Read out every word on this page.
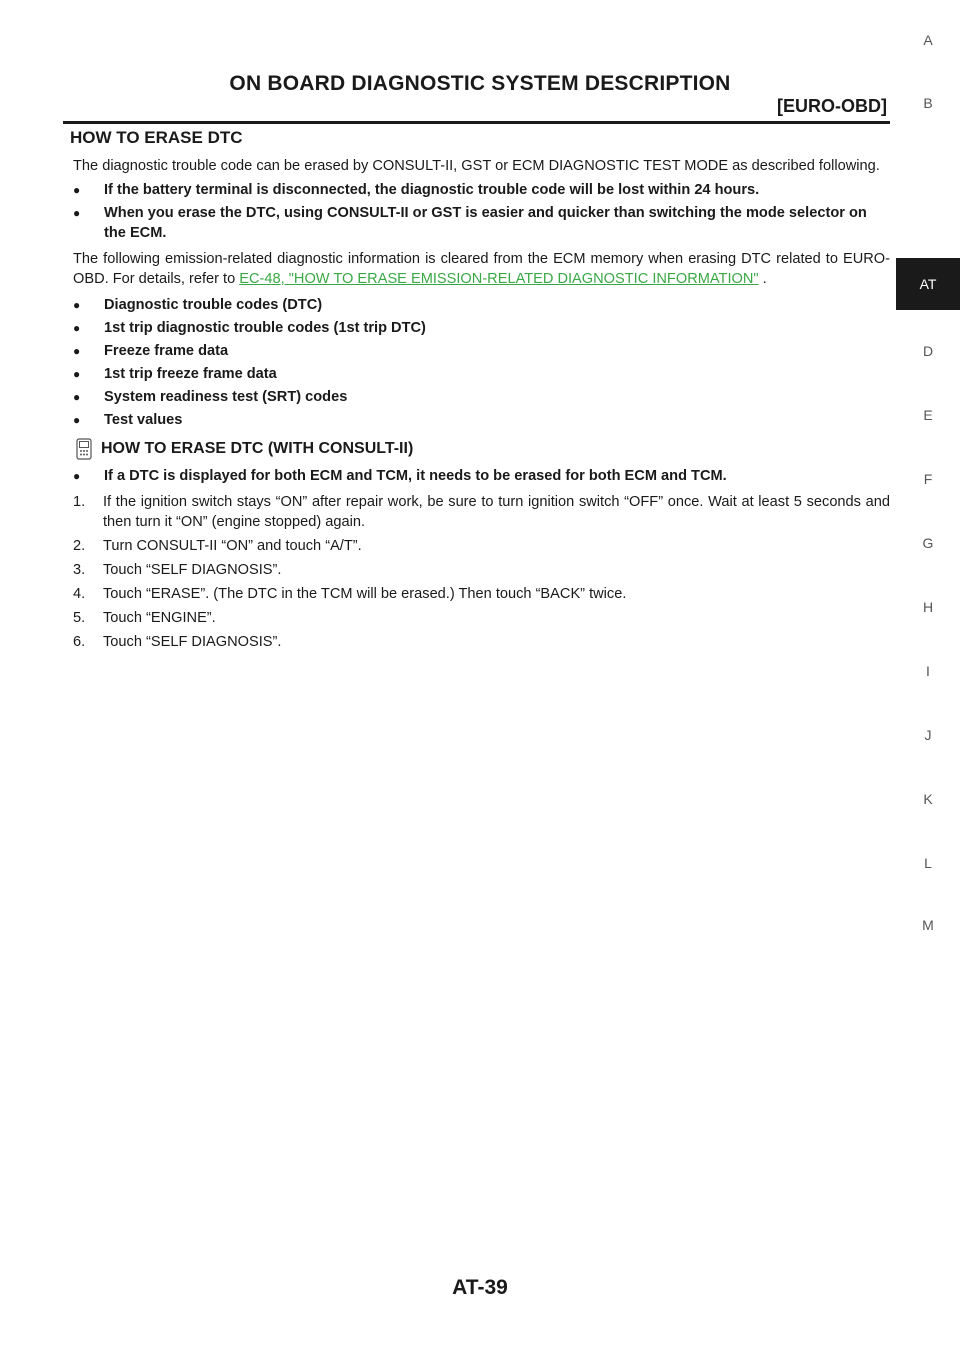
ON BOARD DIAGNOSTIC SYSTEM DESCRIPTION
[EURO-OBD]
A
B
AT
D
E
F
G
H
I
J
K
L
M
HOW TO ERASE DTC

The diagnostic trouble code can be erased by CONSULT-II, GST or ECM DIAGNOSTIC TEST MODE as described following.

● If the battery terminal is disconnected, the diagnostic trouble code will be lost within 24 hours.
● When you erase the DTC, using CONSULT-II or GST is easier and quicker than switching the mode selector on the ECM.

The following emission-related diagnostic information is cleared from the ECM memory when erasing DTC related to EURO-OBD. For details, refer to EC-48, "HOW TO ERASE EMISSION-RELATED DIAGNOSTIC INFORMATION" .

● Diagnostic trouble codes (DTC)
● 1st trip diagnostic trouble codes (1st trip DTC)
● Freeze frame data
● 1st trip freeze frame data
● System readiness test (SRT) codes
● Test values
HOW TO ERASE DTC (WITH CONSULT-II)
● If a DTC is displayed for both ECM and TCM, it needs to be erased for both ECM and TCM.
1. If the ignition switch stays “ON” after repair work, be sure to turn ignition switch “OFF” once. Wait at least 5 seconds and then turn it “ON” (engine stopped) again.
2. Turn CONSULT-II “ON” and touch “A/T”.
3. Touch “SELF DIAGNOSIS”.
4. Touch “ERASE”. (The DTC in the TCM will be erased.) Then touch “BACK” twice.
5. Touch “ENGINE”.
6. Touch “SELF DIAGNOSIS”.
AT-39
